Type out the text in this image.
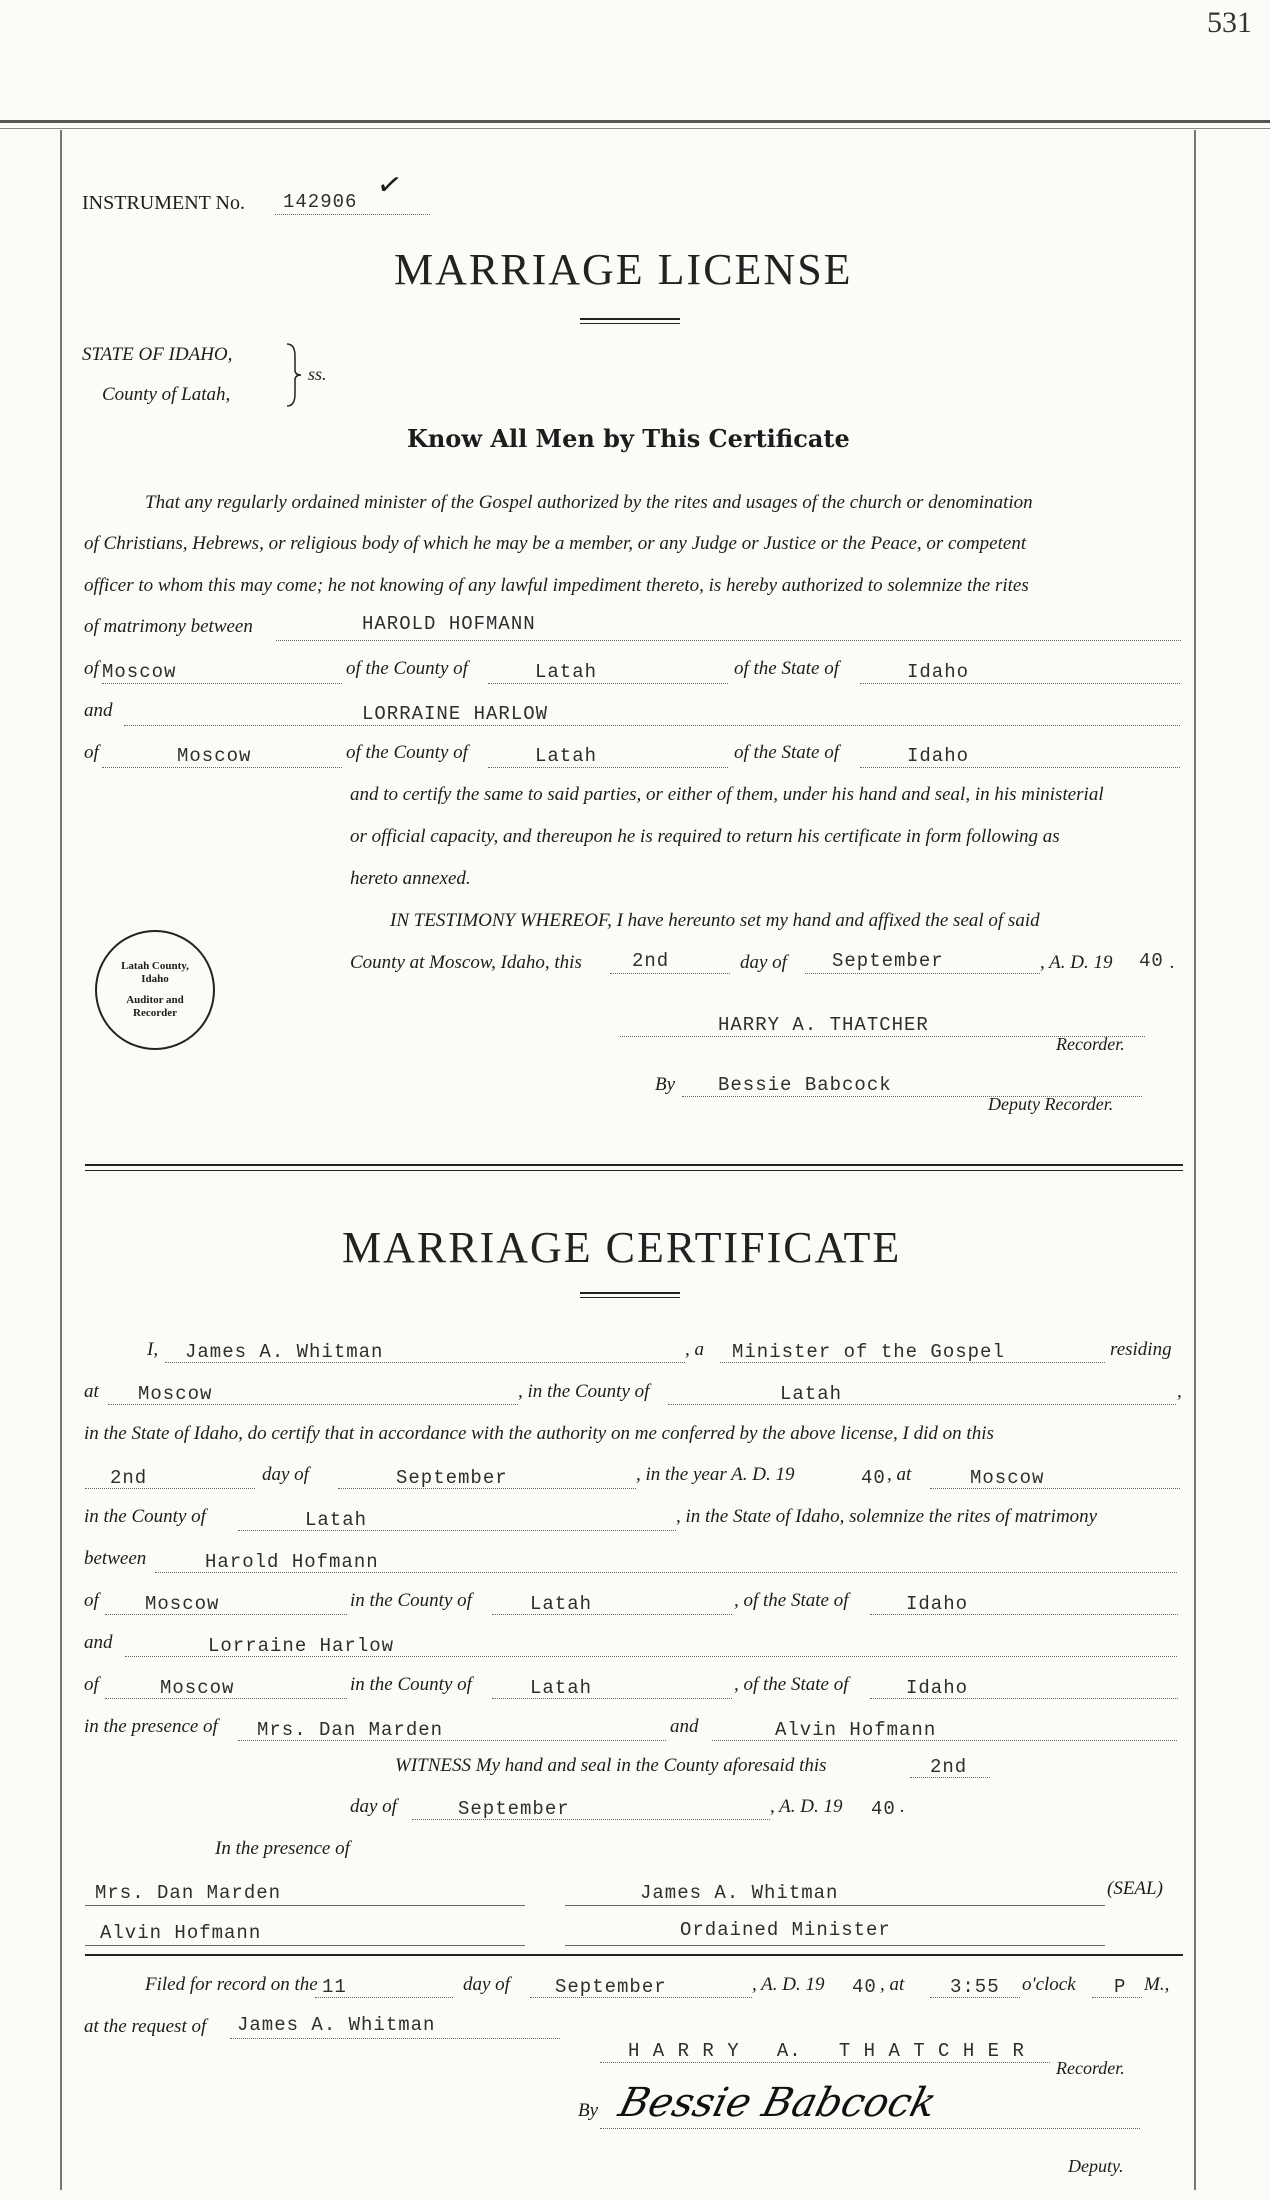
531
INSTRUMENT No. 142906 ✓
MARRIAGE LICENSE
STATE OF IDAHO,
County of Latah,
ss.
Know All Men by This Certificate
That any regularly ordained minister of the Gospel authorized by the rites and usages of the church or denomination
of Christians, Hebrews, or religious body of which he may be a member, or any Judge or Justice or the Peace, or competent
officer to whom this may come; he not knowing of any lawful impediment thereto, is hereby authorized to solemnize the rites
of matrimony between	HAROLD HOFMANN
of Moscow	of the County of	Latah	of the State of	Idaho
and	LORRAINE HARLOW
of	Moscow	of the County of	Latah	of the State of	Idaho
and to certify the same to said parties, or either of them, under his hand and seal, in his ministerial
or official capacity, and thereupon he is required to return his certificate in form following as
hereto annexed.
IN TESTIMONY WHEREOF, I have hereunto set my hand and affixed the seal of said
Latah County,
Idaho
Auditor and
Recorder
County at Moscow, Idaho, this	2nd	day of September	, A. D. 19 40 .
HARRY A. THATCHER
Recorder.
By Bessie Babcock
Deputy Recorder.
MARRIAGE CERTIFICATE
I, James A. Whitman	, a Minister of the Gospel	residing
at Moscow	, in the County of	Latah	,
in the State of Idaho, do certify that in accordance with the authority on me conferred by the above license, I did on this
2nd	day of	September	, in the year A. D. 19	40 , at	Moscow
in the County of	Latah	, in the State of Idaho, solemnize the rites of matrimony
between	Harold Hofmann
of Moscow	in the County of	Latah	, of the State of	Idaho
and	Lorraine Harlow
of	Moscow	in the County of	Latah	, of the State of	Idaho
in the presence of Mrs. Dan Marden	and	Alvin Hofmann
WITNESS My hand and seal in the County aforesaid this	2nd
day of	September	, A. D. 19 40 .
In the presence of
Mrs. Dan Marden	James A. Whitman	(SEAL)
Alvin Hofmann	Ordained Minister
Filed for record on the 11	day of September	, A. D. 19 40 , at 3:55 o'clock P M.,
at the request of James A. Whitman
H A R R Y   A.   T H A T C H E R
Recorder.
By Bessie Babcock
Deputy.
